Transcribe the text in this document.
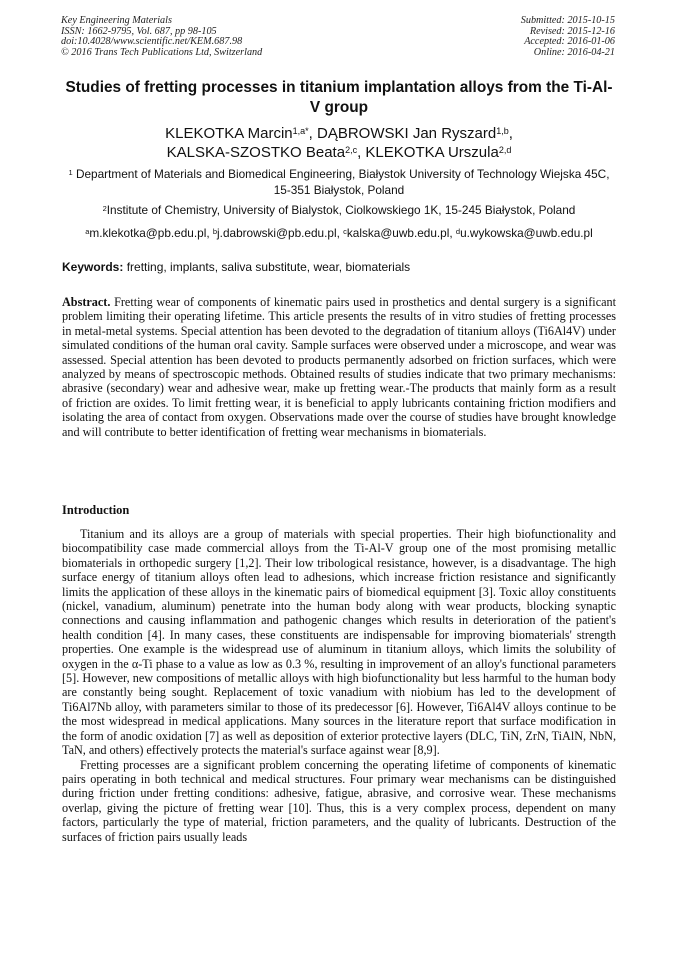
Key Engineering Materials
ISSN: 1662-9795, Vol. 687, pp 98-105
doi:10.4028/www.scientific.net/KEM.687.98
© 2016 Trans Tech Publications Ltd, Switzerland
Submitted: 2015-10-15
Revised: 2015-12-16
Accepted: 2016-01-06
Online: 2016-04-21
Studies of fretting processes in titanium implantation alloys from the Ti-Al-V group
KLEKOTKA Marcin$^{1,a*}$, DĄBROWSKI Jan Ryszard$^{1,b}$,
KALSKA-SZOSTKO Beata$^{2,c}$, KLEKOTKA Urszula$^{2,d}$
$^1$ Department of Materials and Biomedical Engineering, Białystok University of Technology Wiejska 45C, 15-351 Białystok, Poland
$^2$Institute of Chemistry, University of Bialystok, Ciolkowskiego 1K, 15-245 Białystok, Poland
$^a$m.klekotka@pb.edu.pl, $^b$j.dabrowski@pb.edu.pl, $^c$kalska@uwb.edu.pl, $^d$u.wykowska@uwb.edu.pl
Keywords: fretting, implants, saliva substitute, wear, biomaterials
Abstract. Fretting wear of components of kinematic pairs used in prosthetics and dental surgery is a significant problem limiting their operating lifetime. This article presents the results of in vitro studies of fretting processes in metal-metal systems. Special attention has been devoted to the degradation of titanium alloys (Ti6Al4V) under simulated conditions of the human oral cavity. Sample surfaces were observed under a microscope, and wear was assessed. Special attention has been devoted to products permanently adsorbed on friction surfaces, which were analyzed by means of spectroscopic methods. Obtained results of studies indicate that two primary mechanisms: abrasive (secondary) wear and adhesive wear, make up fretting wear.-The products that mainly form as a result of friction are oxides. To limit fretting wear, it is beneficial to apply lubricants containing friction modifiers and isolating the area of contact from oxygen. Observations made over the course of studies have brought knowledge and will contribute to better identification of fretting wear mechanisms in biomaterials.
Introduction

Titanium and its alloys are a group of materials with special properties. Their high biofunctionality and biocompatibility case made commercial alloys from the Ti-Al-V group one of the most promising metallic biomaterials in orthopedic surgery [1,2]. Their low tribological resistance, however, is a disadvantage. The high surface energy of titanium alloys often lead to adhesions, which increase friction resistance and significantly limits the application of these alloys in the kinematic pairs of biomedical equipment [3]. Toxic alloy constituents (nickel, vanadium, aluminum) penetrate into the human body along with wear products, blocking synaptic connections and causing inflammation and pathogenic changes which results in deterioration of the patient's health condition [4]. In many cases, these constituents are indispensable for improving biomaterials' strength properties. One example is the widespread use of aluminum in titanium alloys, which limits the solubility of oxygen in the α-Ti phase to a value as low as 0.3 %, resulting in improvement of an alloy's functional parameters [5]. However, new compositions of metallic alloys with high biofunctionality but less harmful to the human body are constantly being sought. Replacement of toxic vanadium with niobium has led to the development of Ti6Al7Nb alloy, with parameters similar to those of its predecessor [6]. However, Ti6Al4V alloys continue to be the most widespread in medical applications. Many sources in the literature report that surface modification in the form of anodic oxidation [7] as well as deposition of exterior protective layers (DLC, TiN, ZrN, TiAlN, NbN, TaN, and others) effectively protects the material's surface against wear [8,9].

Fretting processes are a significant problem concerning the operating lifetime of components of kinematic pairs operating in both technical and medical structures. Four primary wear mechanisms can be distinguished during friction under fretting conditions: adhesive, fatigue, abrasive, and corrosive wear. These mechanisms overlap, giving the picture of fretting wear [10]. Thus, this is a very complex process, dependent on many factors, particularly the type of material, friction parameters, and the quality of lubricants. Destruction of the surfaces of friction pairs usually leads
